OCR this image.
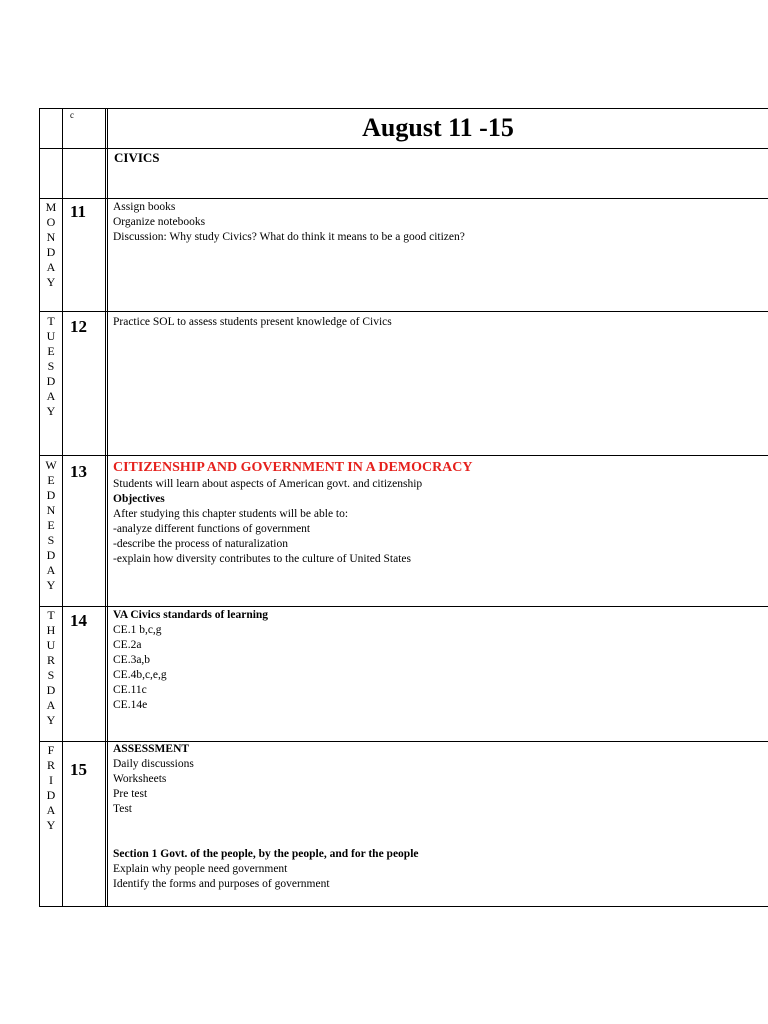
c	August 11 -15
CIVICS
M
O
N
D
A
Y
11 Assign books
Organize notebooks
Discussion: Why study Civics? What do think it means to be a good citizen?
T
U
E
S
D
A
Y
12 Practice SOL to assess students present knowledge of Civics
W
E
D
N
E
S
D
A
Y
13 CITIZENSHIP AND GOVERNMENT IN A DEMOCRACY
Students will learn about aspects of American govt. and citizenship
Objectives
After studying this chapter students will be able to:
-analyze different functions of government
-describe the process of naturalization
-explain how diversity contributes to the culture of United States
T
H
U
R
S
D
A
Y
14 VA Civics standards of learning
CE.1 b,c,g
CE.2a
CE.3a,b
CE.4b,c,e,g
CE.11c
CE.14e
F
R
I
D
A
Y
15
ASSESSMENT
Daily discussions
Worksheets
Pre test
Test

Section 1 Govt. of the people, by the people, and for the people
Explain why people need government
Identify the forms and purposes of government
